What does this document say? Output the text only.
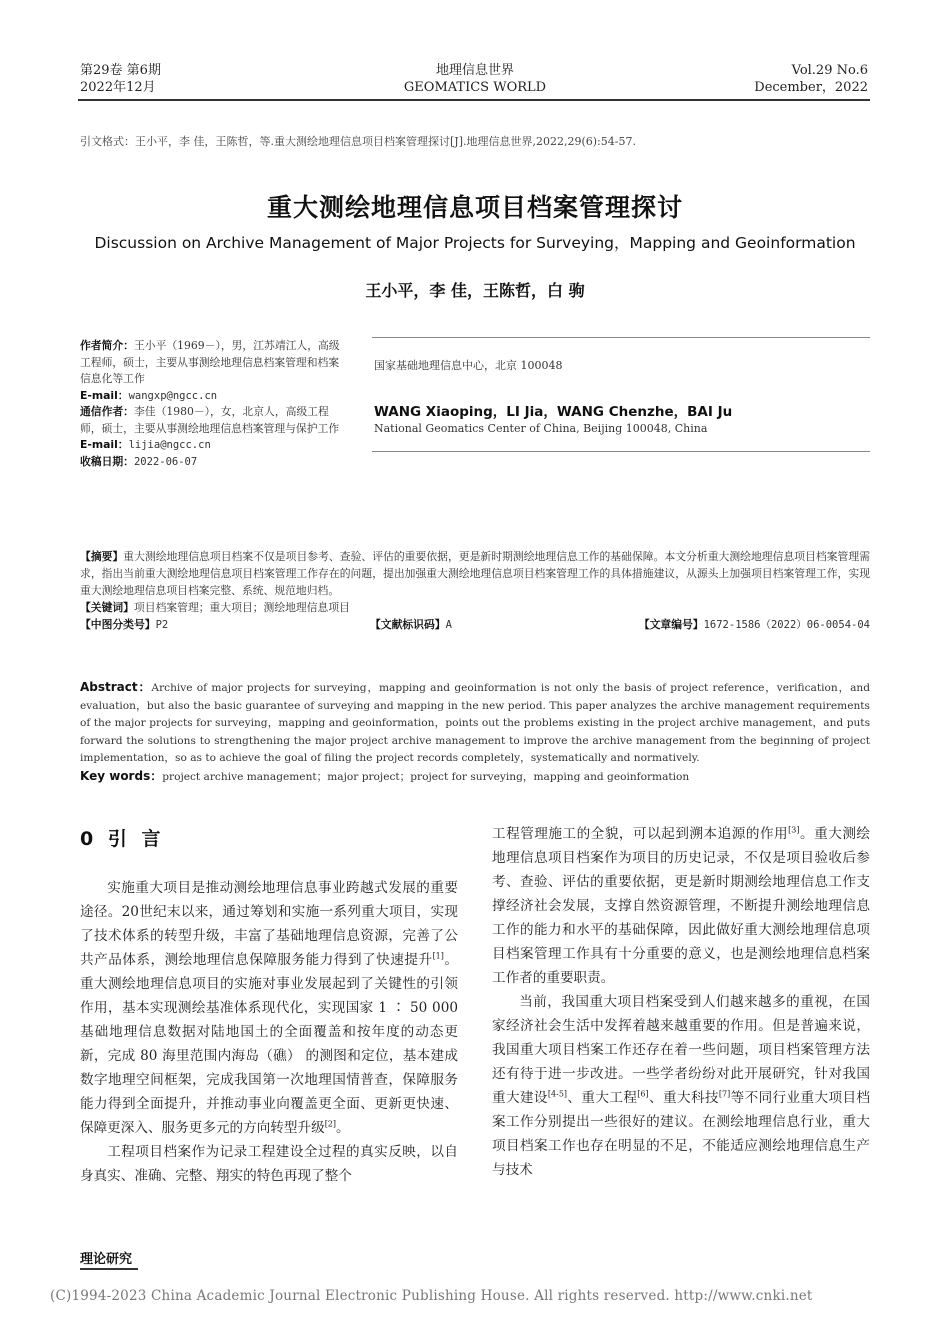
第29卷 第6期
2022年12月
地理信息世界
GEOMATICS WORLD
Vol.29 No.6
December，2022
引文格式：王小平，李 佳，王陈哲，等.重大测绘地理信息项目档案管理探讨[J].地理信息世界,2022,29(6):54-57.
重大测绘地理信息项目档案管理探讨
Discussion on Archive Management of Major Projects for Surveying，Mapping and Geoinformation
王小平，李 佳，王陈哲，白 驹
作者简介：王小平（1969－），男，江苏靖江人，高级工程师，硕士，主要从事测绘地理信息档案管理和档案信息化等工作
E-mail：wangxp@ngcc.cn
通信作者：李佳（1980－），女，北京人，高级工程师，硕士，主要从事测绘地理信息档案管理与保护工作
E-mail：lijia@ngcc.cn
收稿日期：2022-06-07
国家基础地理信息中心，北京 100048
WANG Xiaoping，LI Jia，WANG Chenzhe，BAI Ju
National Geomatics Center of China, Beijing 100048, China
【摘要】重大测绘地理信息项目档案不仅是项目参考、查验、评估的重要依据，更是新时期测绘地理信息工作的基础保障。本文分析重大测绘地理信息项目档案管理需求，指出当前重大测绘地理信息项目档案管理工作存在的问题，提出加强重大测绘地理信息项目档案管理工作的具体措施建议，从源头上加强项目档案管理工作，实现重大测绘地理信息项目档案完整、系统、规范地归档。
【关键词】项目档案管理；重大项目；测绘地理信息项目
【中图分类号】P2	【文献标识码】A	【文章编号】1672-1586（2022）06-0054-04
Abstract：Archive of major projects for surveying，mapping and geoinformation is not only the basis of project reference，verification，and evaluation，but also the basic guarantee of surveying and mapping in the new period. This paper analyzes the archive management requirements of the major projects for surveying，mapping and geoinformation，points out the problems existing in the project archive management，and puts forward the solutions to strengthening the major project archive management to improve the archive management from the beginning of project implementation，so as to achieve the goal of filing the project records completely，systematically and normatively.
Key words：project archive management；major project；project for surveying，mapping and geoinformation
0 引 言

实施重大项目是推动测绘地理信息事业跨越式发展的重要途径。20世纪末以来，通过筹划和实施一系列重大项目，实现了技术体系的转型升级，丰富了基础地理信息资源，完善了公共产品体系，测绘地理信息保障服务能力得到了快速提升[1]。重大测绘地理信息项目的实施对事业发展起到了关键性的引领作用，基本实现测绘基准体系现代化，实现国家 1 ∶ 50 000 基础地理信息数据对陆地国土的全面覆盖和按年度的动态更新，完成 80 海里范围内海岛（礁） 的测图和定位，基本建成数字地理空间框架，完成我国第一次地理国情普查，保障服务能力得到全面提升，并推动事业向覆盖更全面、更新更快速、保障更深入、服务更多元的方向转型升级[2]。

工程项目档案作为记录工程建设全过程的真实反映，以自身真实、准确、完整、翔实的特色再现了整个

工程管理施工的全貌，可以起到溯本追源的作用[3]。重大测绘地理信息项目档案作为项目的历史记录，不仅是项目验收后参考、查验、评估的重要依据，更是新时期测绘地理信息工作支撑经济社会发展，支撑自然资源管理，不断提升测绘地理信息工作的能力和水平的基础保障，因此做好重大测绘地理信息项目档案管理工作具有十分重要的意义，也是测绘地理信息档案工作者的重要职责。

当前，我国重大项目档案受到人们越来越多的重视，在国家经济社会生活中发挥着越来越重要的作用。但是普遍来说，我国重大项目档案工作还存在着一些问题，项目档案管理方法还有待于进一步改进。一些学者纷纷对此开展研究，针对我国重大建设[4-5]、重大工程[6]、重大科技[7]等不同行业重大项目档案工作分别提出一些很好的建议。在测绘地理信息行业，重大项目档案工作也存在明显的不足，不能适应测绘地理信息生产与技术

理论研究
(C)1994-2023 China Academic Journal Electronic Publishing House. All rights reserved. http://www.cnki.net
